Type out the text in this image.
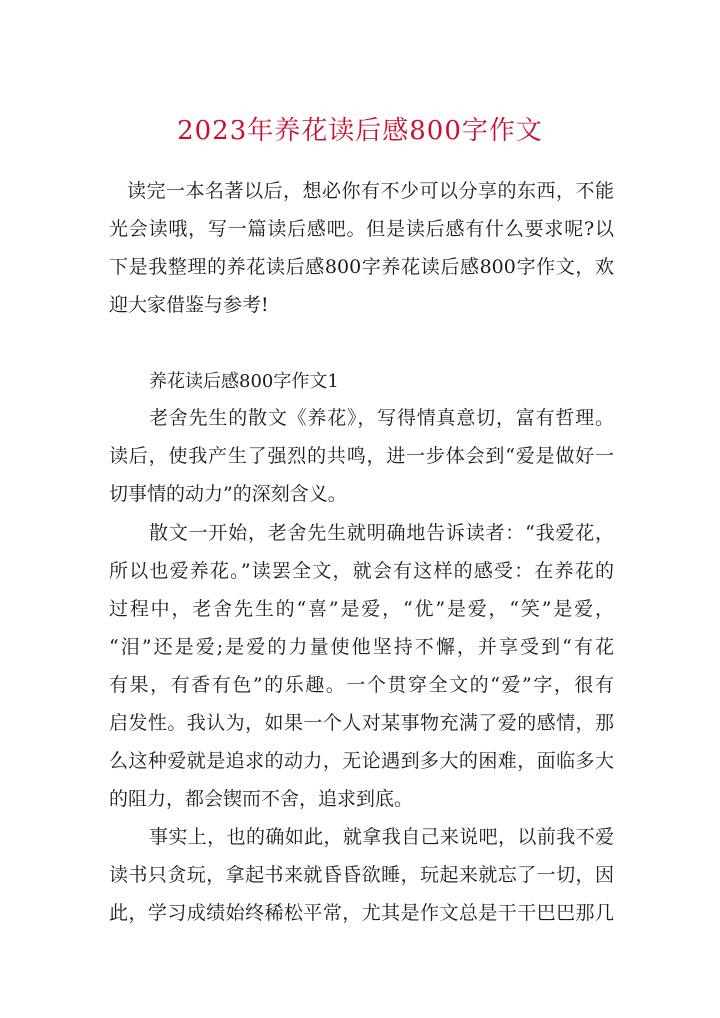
2023年养花读后感800字作文
读完一本名著以后，想必你有不少可以分享的东西，不能
光会读哦，写一篇读后感吧。但是读后感有什么要求呢?以
下是我整理的养花读后感800字养花读后感800字作文，欢
迎大家借鉴与参考!
养花读后感800字作文1
老舍先生的散文《养花》，写得情真意切，富有哲理。
读后，使我产生了强烈的共鸣，进一步体会到“爱是做好一
切事情的动力”的深刻含义。
散文一开始，老舍先生就明确地告诉读者：“我爱花，
所以也爱养花。”读罢全文，就会有这样的感受：在养花的
过程中，老舍先生的“喜”是爱，“优”是爱，“笑”是爱，
“泪”还是爱;是爱的力量使他坚持不懈，并享受到“有花
有果，有香有色”的乐趣。一个贯穿全文的“爱”字，很有
启发性。我认为，如果一个人对某事物充满了爱的感情，那
么这种爱就是追求的动力，无论遇到多大的困难，面临多大
的阻力，都会锲而不舍，追求到底。
事实上，也的确如此，就拿我自己来说吧，以前我不爱
读书只贪玩，拿起书来就昏昏欲睡，玩起来就忘了一切，因
此，学习成绩始终稀松平常，尤其是作文总是干干巴巴那几
